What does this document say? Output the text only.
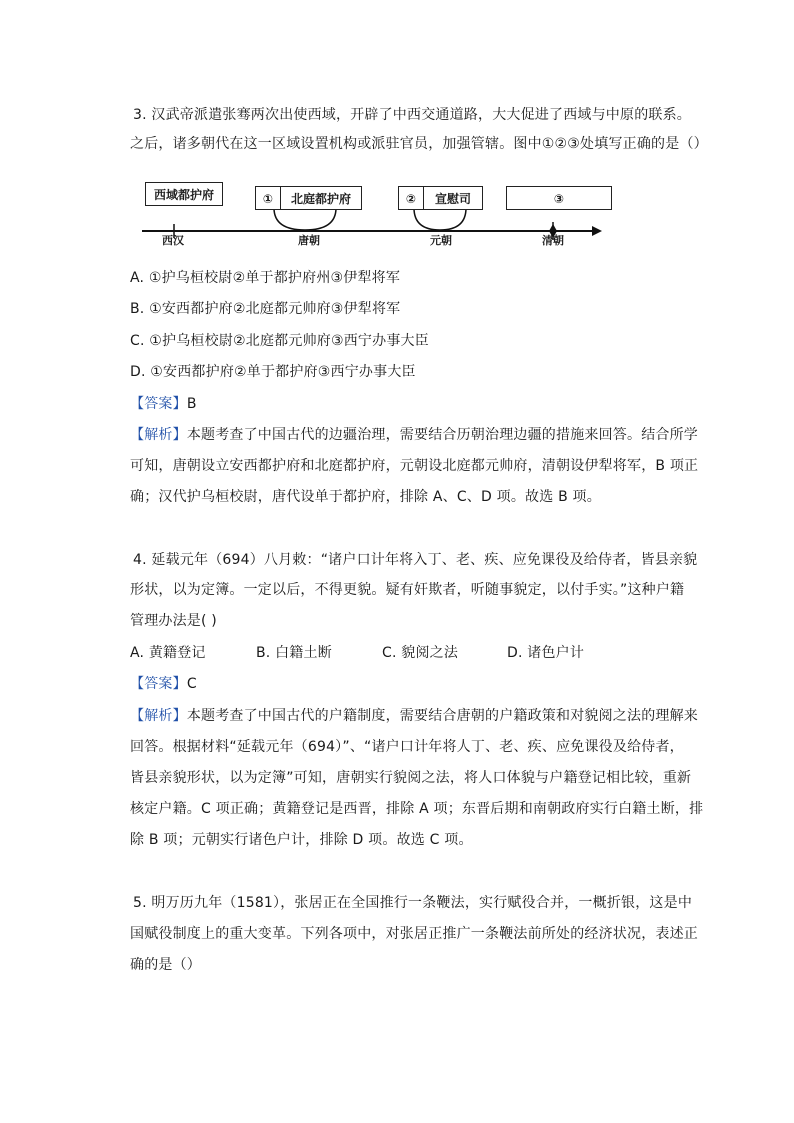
3. 汉武帝派遣张骞两次出使西域，开辟了中西交通道路，大大促进了西域与中原的联系。
之后，诸多朝代在这一区域设置机构或派驻官员，加强管辖。图中①②③处填写正确的是（）
西域都护府	①	北庭都护府	②	宣慰司	③
西汉	唐朝	元朝	清朝
A. ①护乌桓校尉②单于都护府州③伊犁将军
B. ①安西都护府②北庭都元帅府③伊犁将军
C. ①护乌桓校尉②北庭都元帅府③西宁办事大臣
D. ①安西都护府②单于都护府③西宁办事大臣
【答案】B
【解析】本题考查了中国古代的边疆治理，需要结合历朝治理边疆的措施来回答。结合所学
可知，唐朝设立安西都护府和北庭都护府，元朝设北庭都元帅府，清朝设伊犁将军，B 项正
确；汉代护乌桓校尉，唐代设单于都护府，排除 A、C、D 项。故选 B 项。
4. 延载元年（694）八月敕：“诸户口计年将入丁、老、疾、应免课役及给侍者，皆县亲貌
形状，以为定簿。一定以后，不得更貌。疑有奸欺者，听随事貌定，以付手实。”这种户籍
管理办法是( )
A. 黄籍登记	B. 白籍土断	C. 貌阅之法	D. 诸色户计
【答案】C
【解析】本题考查了中国古代的户籍制度，需要结合唐朝的户籍政策和对貌阅之法的理解来
回答。根据材料“延载元年（694）”、“诸户口计年将人丁、老、疾、应免课役及给侍者，
皆县亲貌形状，以为定簿”可知，唐朝实行貌阅之法，将人口体貌与户籍登记相比较，重新
核定户籍。C 项正确；黄籍登记是西晋，排除 A 项；东晋后期和南朝政府实行白籍土断，排
除 B 项；元朝实行诸色户计，排除 D 项。故选 C 项。
5. 明万历九年（1581），张居正在全国推行一条鞭法，实行赋役合并，一概折银，这是中
国赋役制度上的重大变革。下列各项中，对张居正推广一条鞭法前所处的经济状况，表述正
确的是（）
